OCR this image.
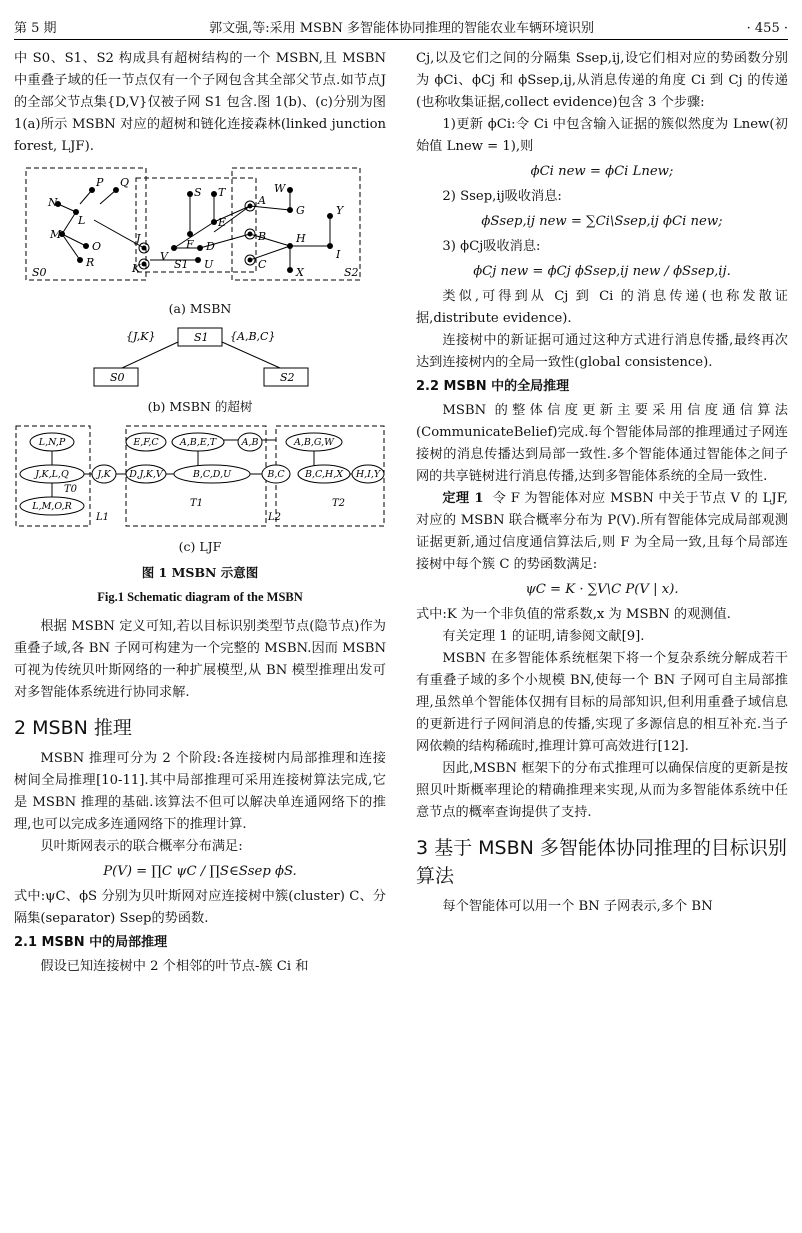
第 5 期	郭文强,等:采用 MSBN 多智能体协同推理的智能农业车辆环境识别	· 455 ·

中 S0、S1、S2 构成具有超树结构的一个 MSBN,且 MSBN 中重叠子域的任一节点仅有一个子网包含其全部父节点.如节点J的全部父节点集{D,V}仅被子网 S1 包含.图 1(b)、(c)分别为图 1(a)所示 MSBN 对应的超树和链化连接森林(linked junction forest, LJF).

P Q
N
L
M
O
R
S T	W
G
A
E
F
J
K
V
D
S1 U
B
C
H
Y
I
X
S0	S2
(a) MSBN
S1
S0	S2
{J,K}	{A,B,C}
(b) MSBN 的超树
L,N,P
J,K,L,Q
L,M,O,R
J,K D,J,K,V
E,F,C A,B,E,T
B,C,D,U
A,B	A,B,G,W
B,C B,C,H,X H,I,Y
T0
L1
T1
L2
T2
(c) LJF
图 1 MSBN 示意图
Fig.1 Schematic diagram of the MSBN

根据 MSBN 定义可知,若以目标识别类型节点(隐节点)作为重叠子域,各 BN 子网可构建为一个完整的 MSBN.因而 MSBN 可视为传统贝叶斯网络的一种扩展模型,从 BN 模型推理出发可对多智能体系统进行协同求解.

2 MSBN 推理

MSBN 推理可分为 2 个阶段:各连接树内局部推理和连接树间全局推理[10-11].其中局部推理可采用连接树算法完成,它是 MSBN 推理的基础.该算法不但可以解决单连通网络下的推理,也可以完成多连通网络下的推理计算.

贝叶斯网表示的联合概率分布满足:

P(V) = ∏C ψC / ∏S∈Ssep ϕS.

式中:ψC、ϕS 分别为贝叶斯网对应连接树中簇(cluster) C、分隔集(separator) Ssep的势函数.

2.1 MSBN 中的局部推理

假设已知连接树中 2 个相邻的叶节点-簇 Ci 和

Cj,以及它们之间的分隔集 Ssep,ij,设它们相对应的势函数分别为 ϕCi、ϕCj 和 ϕSsep,ij,从消息传递的角度 Ci 到 Cj 的传递(也称收集证据,collect evidence)包含 3 个步骤:

1)更新 ϕCi:令 Ci 中包含输入证据的簇似然度为 Lnew(初始值 Lnew = 1),则

ϕCi new = ϕCi Lnew;

2) Ssep,ij吸收消息:

ϕSsep,ij new = ∑Ci\Ssep,ij ϕCi new;

3) ϕCj吸收消息:

ϕCj new = ϕCj ϕSsep,ij new / ϕSsep,ij.

类似,可得到从 Cj 到 Ci 的消息传递(也称发散证据,distribute evidence).

连接树中的新证据可通过这种方式进行消息传播,最终再次达到连接树内的全局一致性(global consistence).

2.2 MSBN 中的全局推理

MSBN 的整体信度更新主要采用信度通信算法(CommunicateBelief)完成.每个智能体局部的推理通过子网连接树的消息传播达到局部一致性.多个智能体通过智能体之间子网的共享链树进行消息传播,达到多智能体系统的全局一致性.

定理 1 令 F 为智能体对应 MSBN 中关于节点 V 的 LJF,对应的 MSBN 联合概率分布为 P(V).所有智能体完成局部观测证据更新,通过信度通信算法后,则 F 为全局一致,且每个局部连接树中每个簇 C 的势函数满足:

ψC = K · ∑V\C P(V | x).

式中:K 为一个非负值的常系数,x 为 MSBN 的观测值.

有关定理 1 的证明,请参阅文献[9].

MSBN 在多智能体系统框架下将一个复杂系统分解成若干有重叠子域的多个小规模 BN,使每一个 BN 子网可自主局部推理,虽然单个智能体仅拥有目标的局部知识,但利用重叠子域信息的更新进行子网间消息的传播,实现了多源信息的相互补充.当子网依赖的结构稀疏时,推理计算可高效进行[12].

因此,MSBN 框架下的分布式推理可以确保信度的更新是按照贝叶斯概率理论的精确推理来实现,从而为多智能体系统中任意节点的概率查询提供了支持.

3 基于 MSBN 多智能体协同推理的目标识别算法

每个智能体可以用一个 BN 子网表示,多个 BN
